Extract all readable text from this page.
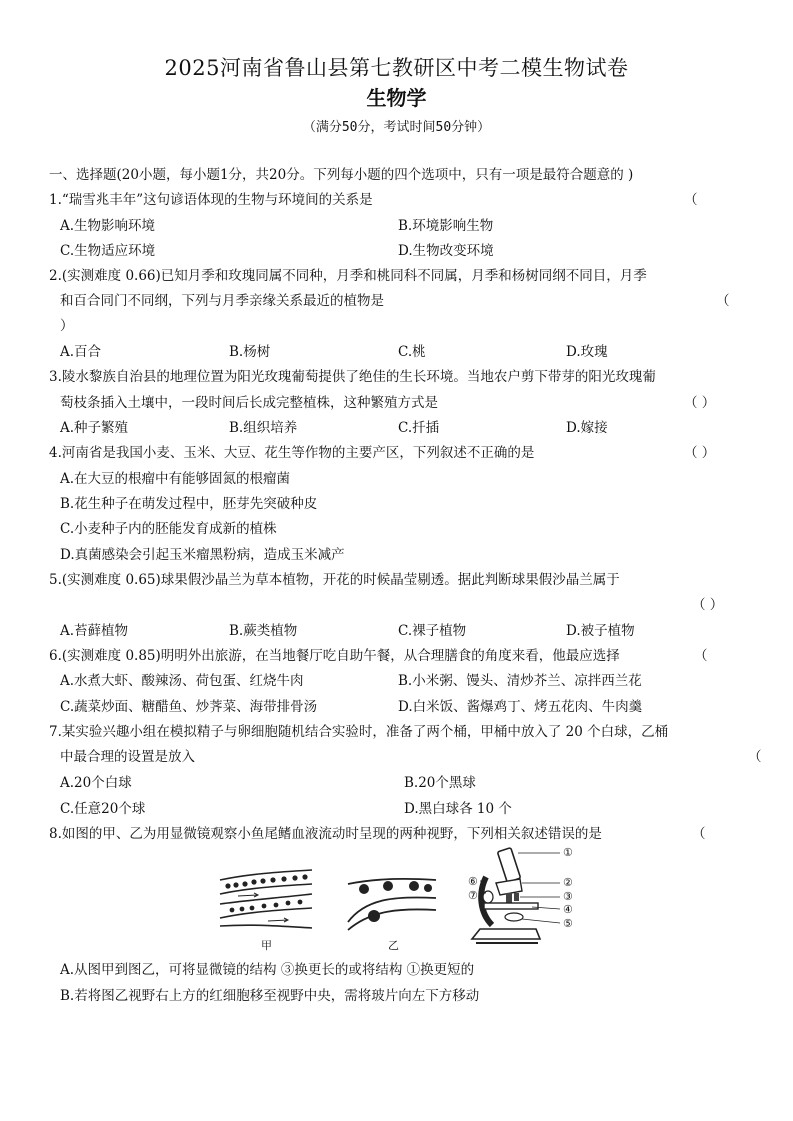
2025河南省鲁山县第七教研区中考二模生物试卷
生物学
（满分50分，考试时间50分钟）
一、选择题(20小题，每小题1分，共20分。下列每小题的四个选项中，只有一项是最符合题意的 )
1.“瑞雪兆丰年”这句谚语体现的生物与环境间的关系是	（
A.生物影响环境	B.环境影响生物
C.生物适应环境	D.生物改变环境
2.(实测难度 0.66)已知月季和玫瑰同属不同种，月季和桃同科不同属，月季和杨树同纲不同目，月季
和百合同门不同纲，下列与月季亲缘关系最近的植物是	（
）
A.百合	B.杨树	C.桃	D.玫瑰
3.陵水黎族自治县的地理位置为阳光玫瑰葡萄提供了绝佳的生长环境。当地农户剪下带芽的阳光玫瑰葡
萄枝条插入土壤中，一段时间后长成完整植株，这种繁殖方式是	（ ）
A.种子繁殖	B.组织培养	C.扦插	D.嫁接
4.河南省是我国小麦、玉米、大豆、花生等作物的主要产区，下列叙述不正确的是	（ ）
A.在大豆的根瘤中有能够固氮的根瘤菌
B.花生种子在萌发过程中，胚芽先突破种皮
C.小麦种子内的胚能发育成新的植株
D.真菌感染会引起玉米瘤黑粉病，造成玉米减产
5.(实测难度 0.65)球果假沙晶兰为草本植物，开花的时候晶莹剔透。据此判断球果假沙晶兰属于
（ ）
A.苔藓植物	B.蕨类植物	C.裸子植物	D.被子植物
6.(实测难度 0.85)明明外出旅游，在当地餐厅吃自助午餐，从合理膳食的角度来看，他最应选择	（
A.水煮大虾、酸辣汤、荷包蛋、红烧牛肉	B.小米粥、馒头、清炒芥兰、凉拌西兰花
C.蔬菜炒面、糖醋鱼、炒荠菜、海带排骨汤	D.白米饭、酱爆鸡丁、烤五花肉、牛肉羹
7.某实验兴趣小组在模拟精子与卵细胞随机结合实验时，准备了两个桶，甲桶中放入了 20 个白球，乙桶
中最合理的设置是放入	（
A.20个白球	B.20个黑球
C.任意20个球	D.黑白球各 10 个
8.如图的甲、乙为用显微镜观察小鱼尾鳍血液流动时呈现的两种视野，下列相关叙述错误的是	（
甲	乙
①
②
③
④
⑤
⑥
⑦
A.从图甲到图乙，可将显微镜的结构 ③换更长的或将结构 ①换更短的
B.若将图乙视野右上方的红细胞移至视野中央，需将玻片向左下方移动
